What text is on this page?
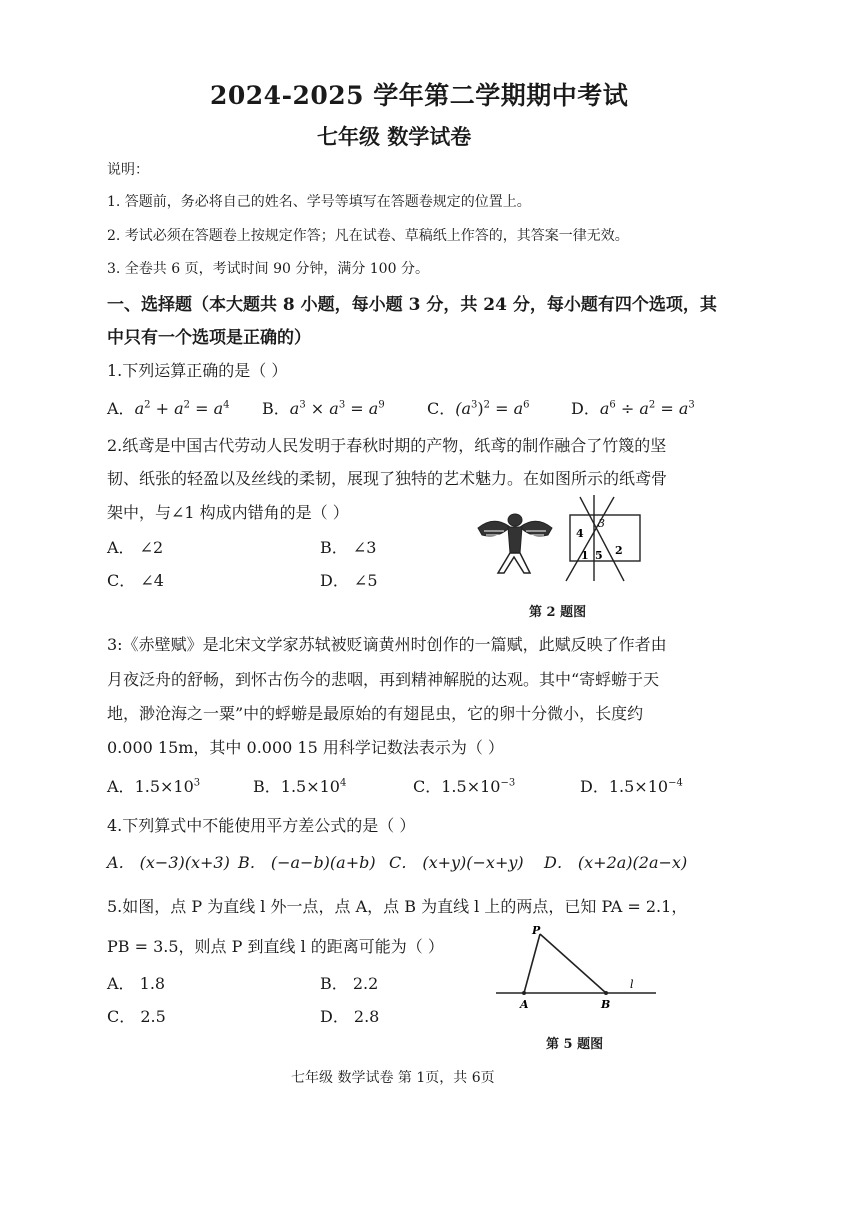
2024-2025 学年第二学期期中考试
七年级 数学试卷
说明：
1. 答题前，务必将自己的姓名、学号等填写在答题卷规定的位置上。
2. 考试必须在答题卷上按规定作答；凡在试卷、草稿纸上作答的，其答案一律无效。
3. 全卷共 6 页，考试时间 90 分钟，满分 100 分。
一、选择题（本大题共 8 小题，每小题 3 分，共 24 分，每小题有四个选项，其
中只有一个选项是正确的）
1.下列运算正确的是（ ）
A．$a^2 + a^2 = a^4$ B．$a^3 \times a^3 = a^9$	C．$(a^3)^2 = a^6$	D．$a^6 \div a^2 = a^3$
2.纸鸢是中国古代劳动人民发明于春秋时期的产物，纸鸢的制作融合了竹篾的坚
韧、纸张的轻盈以及丝线的柔韧，展现了独特的艺术魅力。在如图所示的纸鸢骨
架中，与∠1 构成内错角的是（ ）
A． ∠2	B． ∠3
C． ∠4	D． ∠5
3
4
1 5 2
第 2 题图
3:《赤壁赋》是北宋文学家苏轼被贬谪黄州时创作的一篇赋，此赋反映了作者由
月夜泛舟的舒畅，到怀古伤今的悲咽，再到精神解脱的达观。其中“寄蜉蝣于天
地，渺沧海之一粟”中的蜉蝣是最原始的有翅昆虫，它的卵十分微小，长度约
0.000 15m，其中 0.000 15 用科学记数法表示为（ ）
A．$1.5\times 10^3$	B．$1.5\times 10^4$	C．$1.5\times 10^{-3}$	D．$1.5\times 10^{-4}$
4.下列算式中不能使用平方差公式的是（ ）
A． (x−3)(x+3) B． (−a−b)(a+b) C． (x+y)(−x+y) D． (x+2a)(2a−x)
5.如图，点 P 为直线 l 外一点，点 A，点 B 为直线 l 上的两点，已知 PA = 2.1，
PB = 3.5，则点 P 到直线 l 的距离可能为（ ）
A． 1.8	B． 2.2
C． 2.5	D． 2.8
P
A	B
l
第 5 题图
七年级 数学试卷 第 1页，共 6页
